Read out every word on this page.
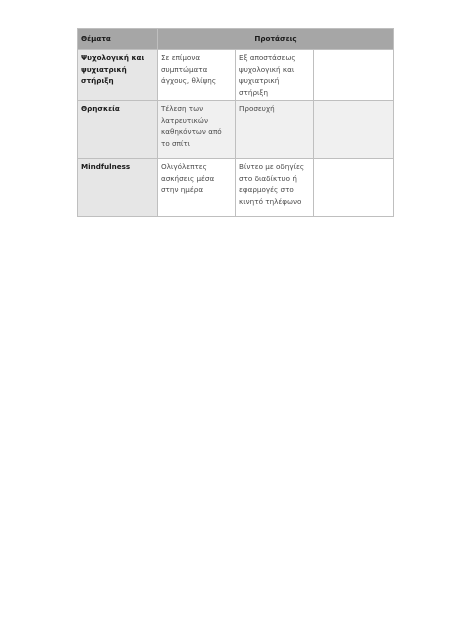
Θέματα	Προτάσεις		
Ψυχολογική και ψυχιατρική στήριξη	Σε επίμονα συμπτώματα άγχους, θλίψης	Εξ αποστάσεως ψυχολογική και ψυχιατρική στήριξη	
Θρησκεία	Τέλεση των λατρευτικών καθηκόντων από το σπίτι	Προσευχή	
Mindfulness	Ολιγόλεπτες ασκήσεις μέσα στην ημέρα	Βίντεο με οδηγίες στο διαδίκτυο ή εφαρμογές στο κινητό τηλέφωνο	
